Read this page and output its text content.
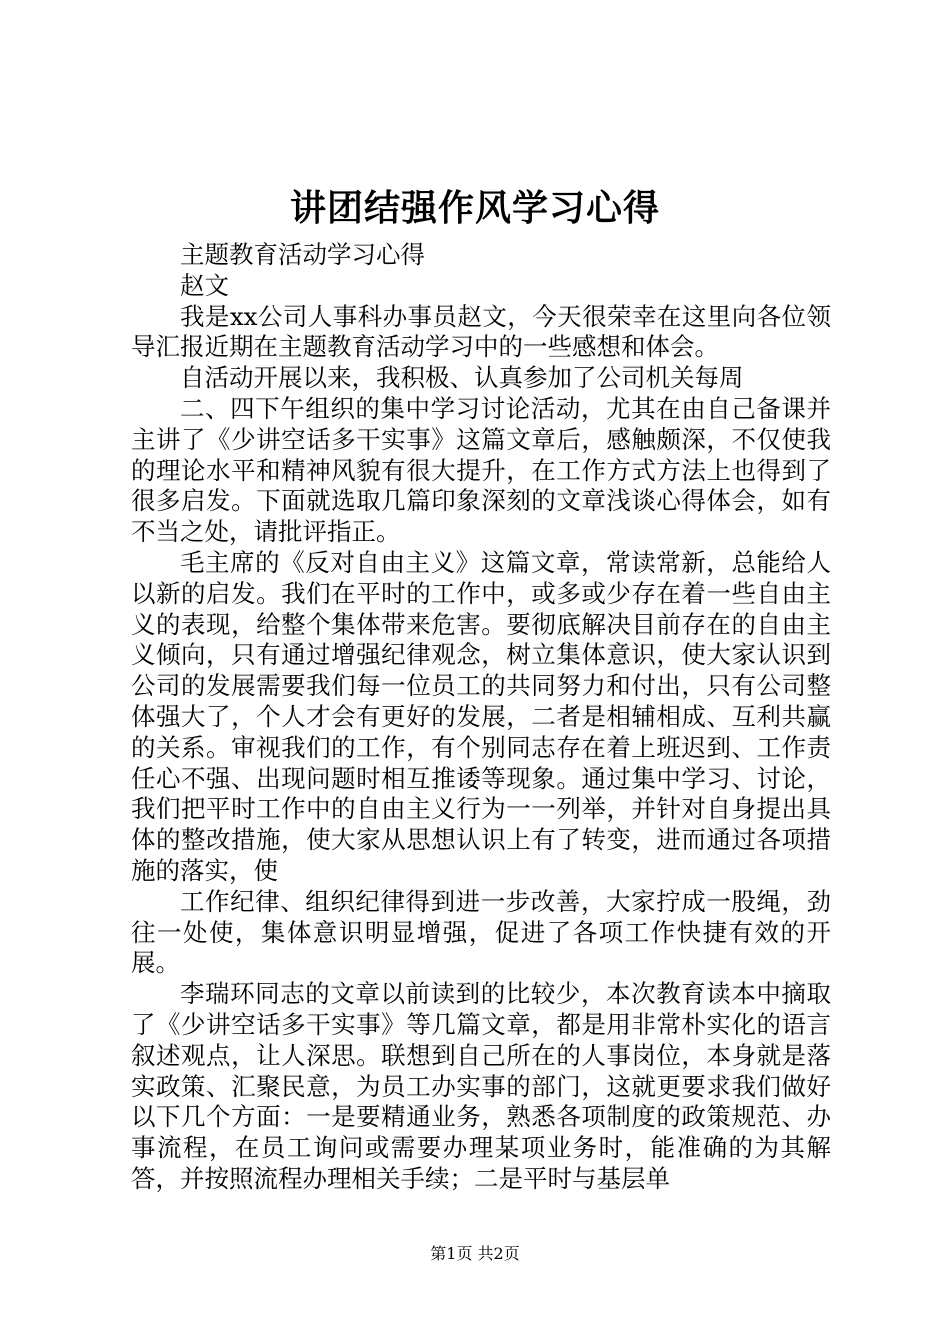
讲团结强作风学习心得

主题教育活动学习心得

赵文

我是xx公司人事科办事员赵文，今天很荣幸在这里向各位领导汇报近期在主题教育活动学习中的一些感想和体会。

自活动开展以来，我积极、认真参加了公司机关每周

二、四下午组织的集中学习讨论活动，尤其在由自己备课并主讲了《少讲空话多干实事》这篇文章后，感触颇深，不仅使我的理论水平和精神风貌有很大提升，在工作方式方法上也得到了很多启发。下面就选取几篇印象深刻的文章浅谈心得体会，如有不当之处，请批评指正。

毛主席的《反对自由主义》这篇文章，常读常新，总能给人以新的启发。我们在平时的工作中，或多或少存在着一些自由主义的表现，给整个集体带来危害。要彻底解决目前存在的自由主义倾向，只有通过增强纪律观念，树立集体意识，使大家认识到公司的发展需要我们每一位员工的共同努力和付出，只有公司整体强大了，个人才会有更好的发展，二者是相辅相成、互利共赢的关系。审视我们的工作，有个别同志存在着上班迟到、工作责任心不强、出现问题时相互推诿等现象。通过集中学习、讨论，我们把平时工作中的自由主义行为一一列举，并针对自身提出具体的整改措施，使大家从思想认识上有了转变，进而通过各项措施的落实，使

工作纪律、组织纪律得到进一步改善，大家拧成一股绳，劲往一处使，集体意识明显增强，促进了各项工作快捷有效的开展。

李瑞环同志的文章以前读到的比较少，本次教育读本中摘取了《少讲空话多干实事》等几篇文章，都是用非常朴实化的语言叙述观点，让人深思。联想到自己所在的人事岗位，本身就是落实政策、汇聚民意，为员工办实事的部门，这就更要求我们做好以下几个方面：一是要精通业务，熟悉各项制度的政策规范、办事流程，在员工询问或需要办理某项业务时，能准确的为其解答，并按照流程办理相关手续；二是平时与基层单

第1页 共2页
